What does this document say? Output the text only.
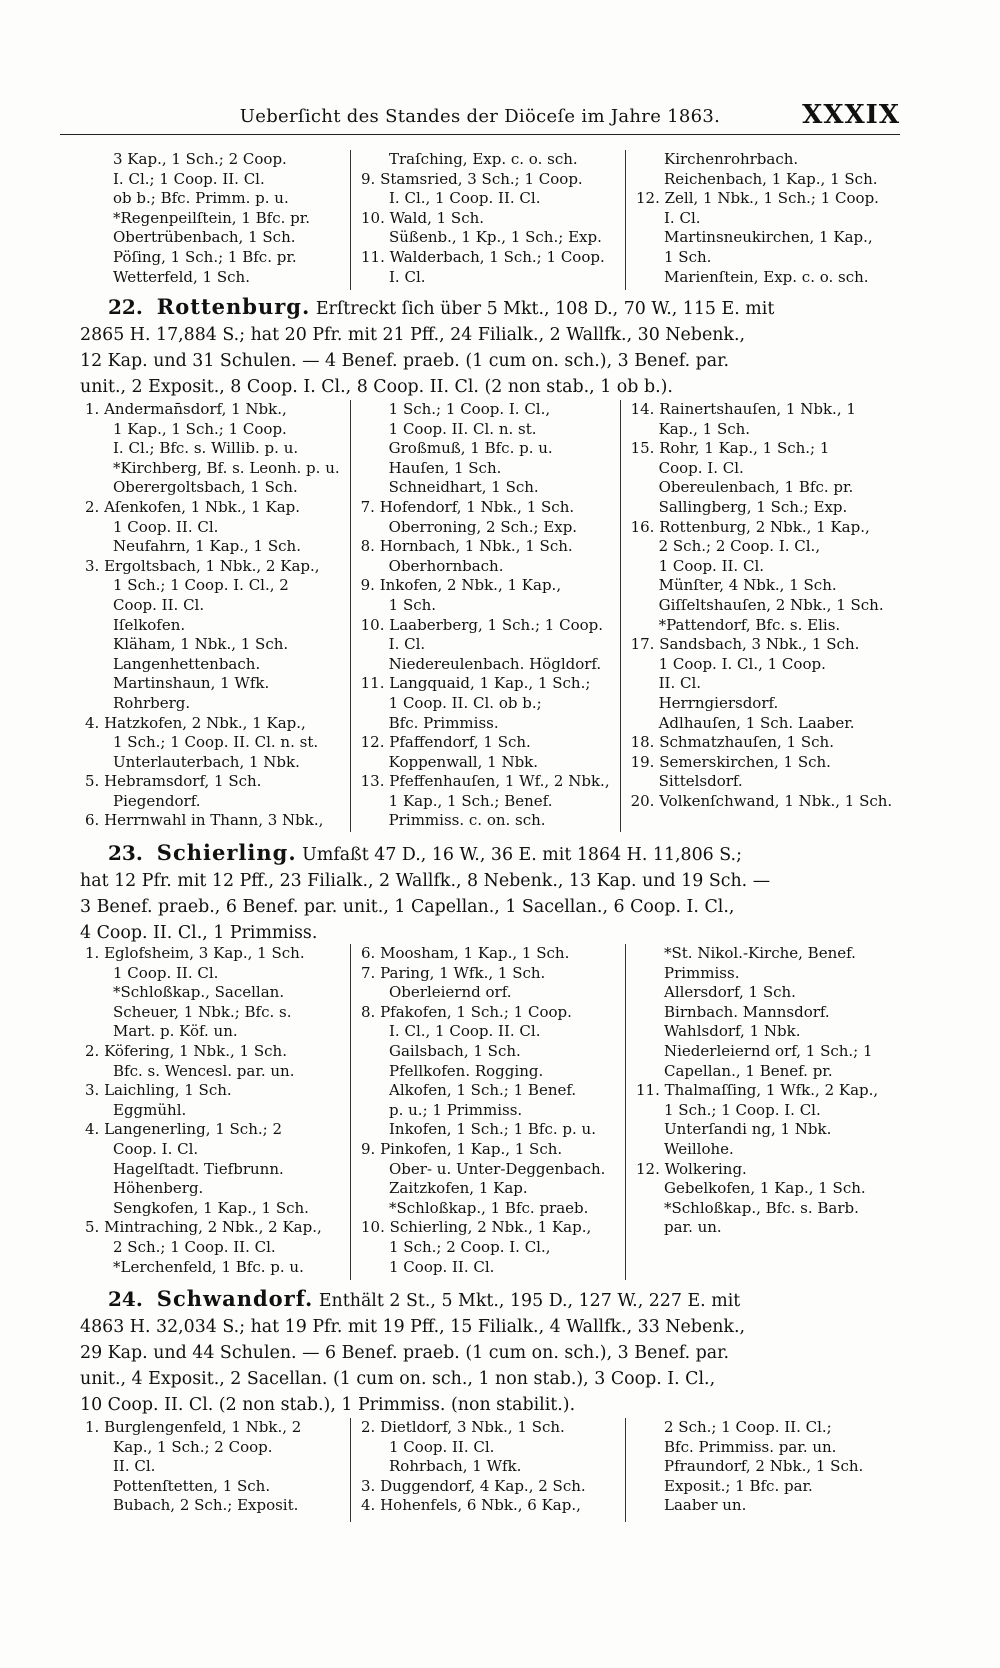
Ueberſicht des Standes der Diöceſe im Jahre 1863.	XXXIX
3 Kap., 1 Sch.; 2 Coop.
I. Cl.; 1 Coop. II. Cl.
ob b.; Bfc. Primm. p. u.
*Regenpeilſtein, 1 Bfc. pr.
Obertrübenbach, 1 Sch.
Pöſing, 1 Sch.; 1 Bfc. pr.
Wetterfeld, 1 Sch.
Traſching, Exp. c. o. sch.
9. Stamsried, 3 Sch.; 1 Coop.
I. Cl., 1 Coop. II. Cl.
10. Wald, 1 Sch.
Süßenb., 1 Kp., 1 Sch.; Exp.
11. Walderbach, 1 Sch.; 1 Coop.
I. Cl.
Kirchenrohrbach.
Reichenbach, 1 Kap., 1 Sch.
12. Zell, 1 Nbk., 1 Sch.; 1 Coop.
I. Cl.
Martinsneukirchen, 1 Kap.,
1 Sch.
Marienſtein, Exp. c. o. sch.
22. Rottenburg. Erſtreckt ſich über 5 Mkt., 108 D., 70 W., 115 E. mit
2865 H. 17,884 S.; hat 20 Pfr. mit 21 Pff., 24 Filialk., 2 Wallfk., 30 Nebenk.,
12 Kap. und 31 Schulen. — 4 Benef. praeb. (1 cum on. sch.), 3 Benef. par.
unit., 2 Exposit., 8 Coop. I. Cl., 8 Coop. II. Cl. (2 non stab., 1 ob b.).
1. Anderman̄sdorf, 1 Nbk.,
1 Kap., 1 Sch.; 1 Coop.
I. Cl.; Bfc. s. Willib. p. u.
*Kirchberg, Bf. s. Leonh. p. u.
Oberergoltsbach, 1 Sch.
2. Aſenkofen, 1 Nbk., 1 Kap.
1 Coop. II. Cl.
Neufahrn, 1 Kap., 1 Sch.
3. Ergoltsbach, 1 Nbk., 2 Kap.,
1 Sch.; 1 Coop. I. Cl., 2
Coop. II. Cl.
Iſelkofen.
Kläham, 1 Nbk., 1 Sch.
Langenhettenbach.
Martinshaun, 1 Wfk.
Rohrberg.
4. Hatzkofen, 2 Nbk., 1 Kap.,
1 Sch.; 1 Coop. II. Cl. n. st.
Unterlauterbach, 1 Nbk.
5. Hebramsdorf, 1 Sch.
Piegendorf.
6. Herrnwahl in Thann, 3 Nbk.,
1 Sch.; 1 Coop. I. Cl.,
1 Coop. II. Cl. n. st.
Großmuß, 1 Bfc. p. u.
Hauſen, 1 Sch.
Schneidhart, 1 Sch.
7. Hofendorf, 1 Nbk., 1 Sch.
Oberroning, 2 Sch.; Exp.
8. Hornbach, 1 Nbk., 1 Sch.
Oberhornbach.
9. Inkofen, 2 Nbk., 1 Kap.,
1 Sch.
10. Laaberberg, 1 Sch.; 1 Coop.
I. Cl.
Niedereulenbach. Högldorf.
11. Langquaid, 1 Kap., 1 Sch.;
1 Coop. II. Cl. ob b.;
Bfc. Primmiss.
12. Pfaffendorf, 1 Sch.
Koppenwall, 1 Nbk.
13. Pfeffenhauſen, 1 Wf., 2 Nbk.,
1 Kap., 1 Sch.; Benef.
Primmiss. c. on. sch.
14. Rainertshauſen, 1 Nbk., 1
Kap., 1 Sch.
15. Rohr, 1 Kap., 1 Sch.; 1
Coop. I. Cl.
Obereulenbach, 1 Bfc. pr.
Sallingberg, 1 Sch.; Exp.
16. Rottenburg, 2 Nbk., 1 Kap.,
2 Sch.; 2 Coop. I. Cl.,
1 Coop. II. Cl.
Münſter, 4 Nbk., 1 Sch.
Giſſeltshauſen, 2 Nbk., 1 Sch.
*Pattendorf, Bfc. s. Elis.
17. Sandsbach, 3 Nbk., 1 Sch.
1 Coop. I. Cl., 1 Coop.
II. Cl.
Herrngiersdorf.
Adlhauſen, 1 Sch. Laaber.
18. Schmatzhauſen, 1 Sch.
19. Semerskirchen, 1 Sch.
Sittelsdorf.
20. Volkenſchwand, 1 Nbk., 1 Sch.
23. Schierling. Umfaßt 47 D., 16 W., 36 E. mit 1864 H. 11,806 S.;
hat 12 Pfr. mit 12 Pff., 23 Filialk., 2 Wallfk., 8 Nebenk., 13 Kap. und 19 Sch. —
3 Benef. praeb., 6 Benef. par. unit., 1 Capellan., 1 Sacellan., 6 Coop. I. Cl.,
4 Coop. II. Cl., 1 Primmiss.
1. Eglofsheim, 3 Kap., 1 Sch.
1 Coop. II. Cl.
*Schloßkap., Sacellan.
Scheuer, 1 Nbk.; Bfc. s.
Mart. p. Köf. un.
2. Köfering, 1 Nbk., 1 Sch.
Bfc. s. Wencesl. par. un.
3. Laichling, 1 Sch.
Eggmühl.
4. Langenerling, 1 Sch.; 2
Coop. I. Cl.
Hagelſtadt. Tiefbrunn.
Höhenberg.
Sengkofen, 1 Kap., 1 Sch.
5. Mintraching, 2 Nbk., 2 Kap.,
2 Sch.; 1 Coop. II. Cl.
*Lerchenfeld, 1 Bfc. p. u.
6. Moosham, 1 Kap., 1 Sch.
7. Paring, 1 Wfk., 1 Sch.
Oberleiernd orf.
8. Pfakofen, 1 Sch.; 1 Coop.
I. Cl., 1 Coop. II. Cl.
Gailsbach, 1 Sch.
Pfellkofen. Rogging.
Alkofen, 1 Sch.; 1 Benef.
p. u.; 1 Primmiss.
Inkofen, 1 Sch.; 1 Bfc. p. u.
9. Pinkofen, 1 Kap., 1 Sch.
Ober- u. Unter-Deggenbach.
Zaitzkofen, 1 Kap.
*Schloßkap., 1 Bfc. praeb.
10. Schierling, 2 Nbk., 1 Kap.,
1 Sch.; 2 Coop. I. Cl.,
1 Coop. II. Cl.
*St. Nikol.-Kirche, Benef.
Primmiss.
Allersdorf, 1 Sch.
Birnbach. Mannsdorf.
Wahlsdorf, 1 Nbk.
Niederleiernd orf, 1 Sch.; 1
Capellan., 1 Benef. pr.
11. Thalmaſſing, 1 Wfk., 2 Kap.,
1 Sch.; 1 Coop. I. Cl.
Unterſandi ng, 1 Nbk.
Weillohe.
12. Wolkering.
Gebelkofen, 1 Kap., 1 Sch.
*Schloßkap., Bfc. s. Barb.
par. un.
24. Schwandorf. Enthält 2 St., 5 Mkt., 195 D., 127 W., 227 E. mit
4863 H. 32,034 S.; hat 19 Pfr. mit 19 Pff., 15 Filialk., 4 Wallfk., 33 Nebenk.,
29 Kap. und 44 Schulen. — 6 Benef. praeb. (1 cum on. sch.), 3 Benef. par.
unit., 4 Exposit., 2 Sacellan. (1 cum on. sch., 1 non stab.), 3 Coop. I. Cl.,
10 Coop. II. Cl. (2 non stab.), 1 Primmiss. (non stabilit.).
1. Burglengenfeld, 1 Nbk., 2
Kap., 1 Sch.; 2 Coop.
II. Cl.
Pottenſtetten, 1 Sch.
Bubach, 2 Sch.; Exposit.
2. Dietldorf, 3 Nbk., 1 Sch.
1 Coop. II. Cl.
Rohrbach, 1 Wfk.
3. Duggendorf, 4 Kap., 2 Sch.
4. Hohenfels, 6 Nbk., 6 Kap.,
2 Sch.; 1 Coop. II. Cl.;
Bfc. Primmiss. par. un.
Pfraundorf, 2 Nbk., 1 Sch.
Exposit.; 1 Bfc. par.
Laaber un.
